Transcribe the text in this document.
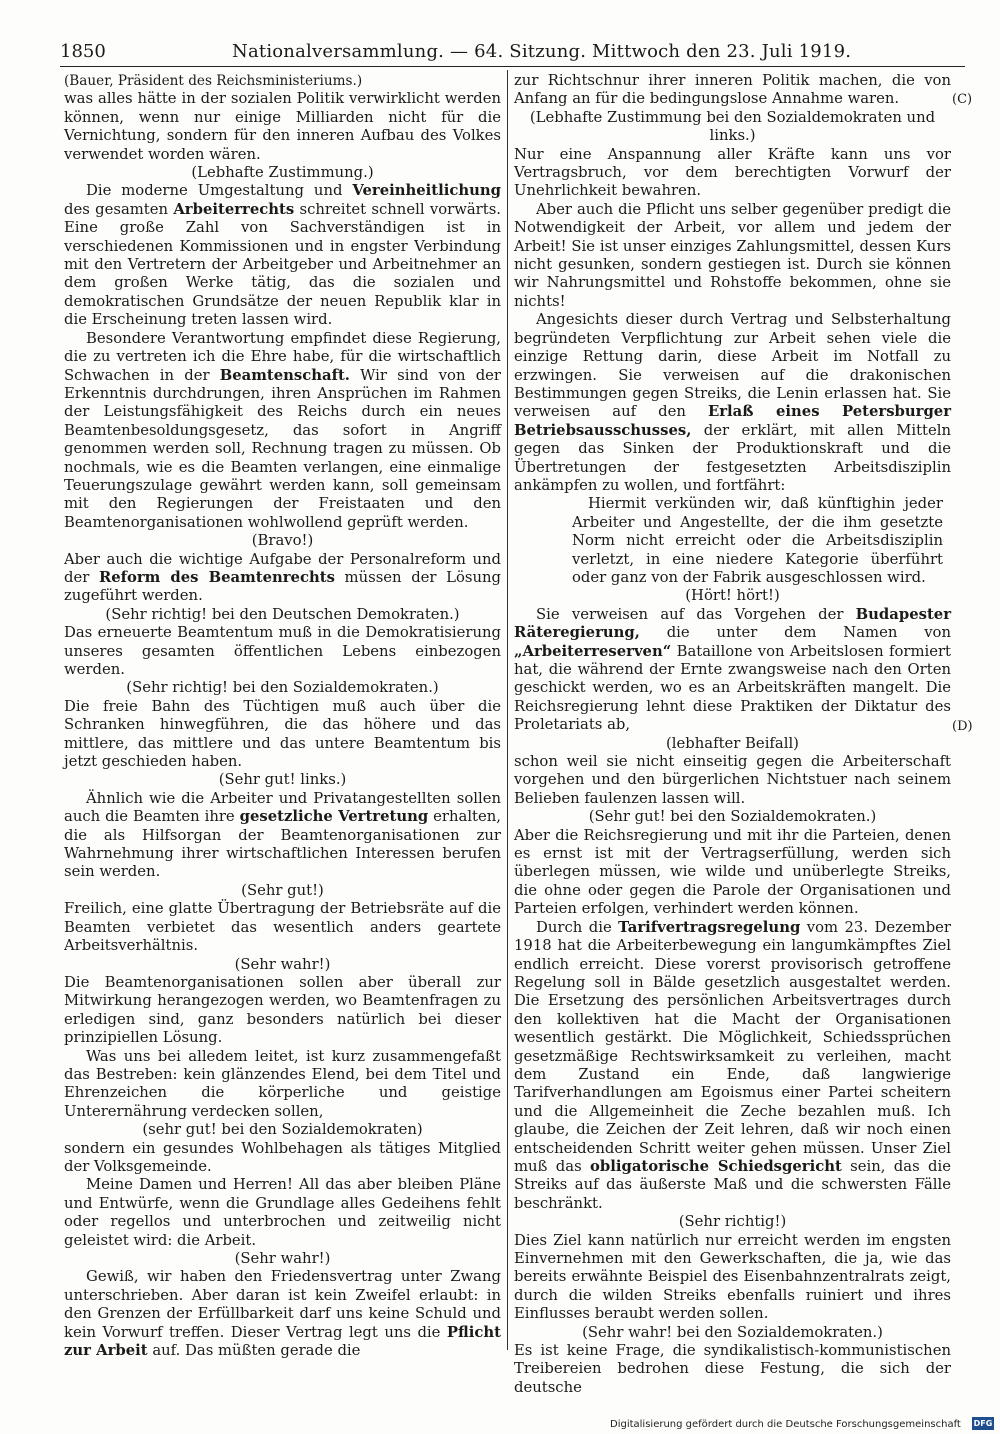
1850	Nationalversammlung. — 64. Sitzung. Mittwoch den 23. Juli 1919.
(C)
(D)

(Bauer, Präsident des Reichsministeriums.)

was alles hätte in der sozialen Politik verwirklicht werden können, wenn nur einige Milliarden nicht für die Vernichtung, sondern für den inneren Aufbau des Volkes verwendet worden wären.

(Lebhafte Zustimmung.)

Die moderne Umgestaltung und Vereinheitlichung des gesamten Arbeiterrechts schreitet schnell vorwärts. Eine große Zahl von Sachverständigen ist in verschiedenen Kommissionen und in engster Verbindung mit den Vertretern der Arbeitgeber und Arbeitnehmer an dem großen Werke tätig, das die sozialen und demokratischen Grundsätze der neuen Republik klar in die Erscheinung treten lassen wird.

Besondere Verantwortung empfindet diese Regierung, die zu vertreten ich die Ehre habe, für die wirtschaftlich Schwachen in der Beamtenschaft. Wir sind von der Erkenntnis durchdrungen, ihren Ansprüchen im Rahmen der Leistungsfähigkeit des Reichs durch ein neues Beamtenbesoldungsgesetz, das sofort in Angriff genommen werden soll, Rechnung tragen zu müssen. Ob nochmals, wie es die Beamten verlangen, eine einmalige Teuerungszulage gewährt werden kann, soll gemeinsam mit den Regierungen der Freistaaten und den Beamtenorganisationen wohlwollend geprüft werden.

(Bravo!)

Aber auch die wichtige Aufgabe der Personalreform und der Reform des Beamtenrechts müssen der Lösung zugeführt werden.

(Sehr richtig! bei den Deutschen Demokraten.)

Das erneuerte Beamtentum muß in die Demokratisierung unseres gesamten öffentlichen Lebens einbezogen werden.

(Sehr richtig! bei den Sozialdemokraten.)

Die freie Bahn des Tüchtigen muß auch über die Schranken hinwegführen, die das höhere und das mittlere, das mittlere und das untere Beamtentum bis jetzt geschieden haben.

(Sehr gut! links.)

Ähnlich wie die Arbeiter und Privatangestellten sollen auch die Beamten ihre gesetzliche Vertretung erhalten, die als Hilfsorgan der Beamtenorganisationen zur Wahrnehmung ihrer wirtschaftlichen Interessen berufen sein werden.

(Sehr gut!)

Freilich, eine glatte Übertragung der Betriebsräte auf die Beamten verbietet das wesentlich anders geartete Arbeitsverhältnis.

(Sehr wahr!)

Die Beamtenorganisationen sollen aber überall zur Mitwirkung herangezogen werden, wo Beamtenfragen zu erledigen sind, ganz besonders natürlich bei dieser prinzipiellen Lösung.

Was uns bei alledem leitet, ist kurz zusammengefaßt das Bestreben: kein glänzendes Elend, bei dem Titel und Ehrenzeichen die körperliche und geistige Unterernährung verdecken sollen,

(sehr gut! bei den Sozialdemokraten)

sondern ein gesundes Wohlbehagen als tätiges Mitglied der Volksgemeinde.

Meine Damen und Herren! All das aber bleiben Pläne und Entwürfe, wenn die Grundlage alles Gedeihens fehlt oder regellos und unterbrochen und zeitweilig nicht geleistet wird: die Arbeit.

(Sehr wahr!)

Gewiß, wir haben den Friedensvertrag unter Zwang unterschrieben. Aber daran ist kein Zweifel erlaubt: in den Grenzen der Erfüllbarkeit darf uns keine Schuld und kein Vorwurf treffen. Dieser Vertrag legt uns die Pflicht zur Arbeit auf. Das müßten gerade die

zur Richtschnur ihrer inneren Politik machen, die von Anfang an für die bedingungslose Annahme waren.

(Lebhafte Zustimmung bei den Sozialdemokraten und links.)

Nur eine Anspannung aller Kräfte kann uns vor Vertragsbruch, vor dem berechtigten Vorwurf der Unehrlichkeit bewahren.

Aber auch die Pflicht uns selber gegenüber predigt die Notwendigkeit der Arbeit, vor allem und jedem der Arbeit! Sie ist unser einziges Zahlungsmittel, dessen Kurs nicht gesunken, sondern gestiegen ist. Durch sie können wir Nahrungsmittel und Rohstoffe bekommen, ohne sie nichts!

Angesichts dieser durch Vertrag und Selbsterhaltung begründeten Verpflichtung zur Arbeit sehen viele die einzige Rettung darin, diese Arbeit im Notfall zu erzwingen. Sie verweisen auf die drakonischen Bestimmungen gegen Streiks, die Lenin erlassen hat. Sie verweisen auf den Erlaß eines Petersburger Betriebsausschusses, der erklärt, mit allen Mitteln gegen das Sinken der Produktionskraft und die Übertretungen der festgesetzten Arbeitsdisziplin ankämpfen zu wollen, und fortfährt:

Hiermit verkünden wir, daß künftighin jeder Arbeiter und Angestellte, der die ihm gesetzte Norm nicht erreicht oder die Arbeitsdisziplin verletzt, in eine niedere Kategorie überführt oder ganz von der Fabrik ausgeschlossen wird.

(Hört! hört!)

Sie verweisen auf das Vorgehen der Budapester Räteregierung, die unter dem Namen von „Arbeiterreserven“ Bataillone von Arbeitslosen formiert hat, die während der Ernte zwangsweise nach den Orten geschickt werden, wo es an Arbeitskräften mangelt. Die Reichsregierung lehnt diese Praktiken der Diktatur des Proletariats ab,

(lebhafter Beifall)

schon weil sie nicht einseitig gegen die Arbeiterschaft vorgehen und den bürgerlichen Nichtstuer nach seinem Belieben faulenzen lassen will.

(Sehr gut! bei den Sozialdemokraten.)

Aber die Reichsregierung und mit ihr die Parteien, denen es ernst ist mit der Vertragserfüllung, werden sich überlegen müssen, wie wilde und unüberlegte Streiks, die ohne oder gegen die Parole der Organisationen und Parteien erfolgen, verhindert werden können.

Durch die Tarifvertragsregelung vom 23. Dezember 1918 hat die Arbeiterbewegung ein langumkämpftes Ziel endlich erreicht. Diese vorerst provisorisch getroffene Regelung soll in Bälde gesetzlich ausgestaltet werden. Die Ersetzung des persönlichen Arbeitsvertrages durch den kollektiven hat die Macht der Organisationen wesentlich gestärkt. Die Möglichkeit, Schiedssprüchen gesetzmäßige Rechtswirksamkeit zu verleihen, macht dem Zustand ein Ende, daß langwierige Tarifverhandlungen am Egoismus einer Partei scheitern und die Allgemeinheit die Zeche bezahlen muß. Ich glaube, die Zeichen der Zeit lehren, daß wir noch einen entscheidenden Schritt weiter gehen müssen. Unser Ziel muß das obligatorische Schiedsgericht sein, das die Streiks auf das äußerste Maß und die schwersten Fälle beschränkt.

(Sehr richtig!)

Dies Ziel kann natürlich nur erreicht werden im engsten Einvernehmen mit den Gewerkschaften, die ja, wie das bereits erwähnte Beispiel des Eisenbahnzentralrats zeigt, durch die wilden Streiks ebenfalls ruiniert und ihres Einflusses beraubt werden sollen.

(Sehr wahr! bei den Sozialdemokraten.)

Es ist keine Frage, die syndikalistisch-kommunistischen Treibereien bedrohen diese Festung, die sich der deutsche

Digitalisierung gefördert durch die Deutsche Forschungsgemeinschaft DFG
